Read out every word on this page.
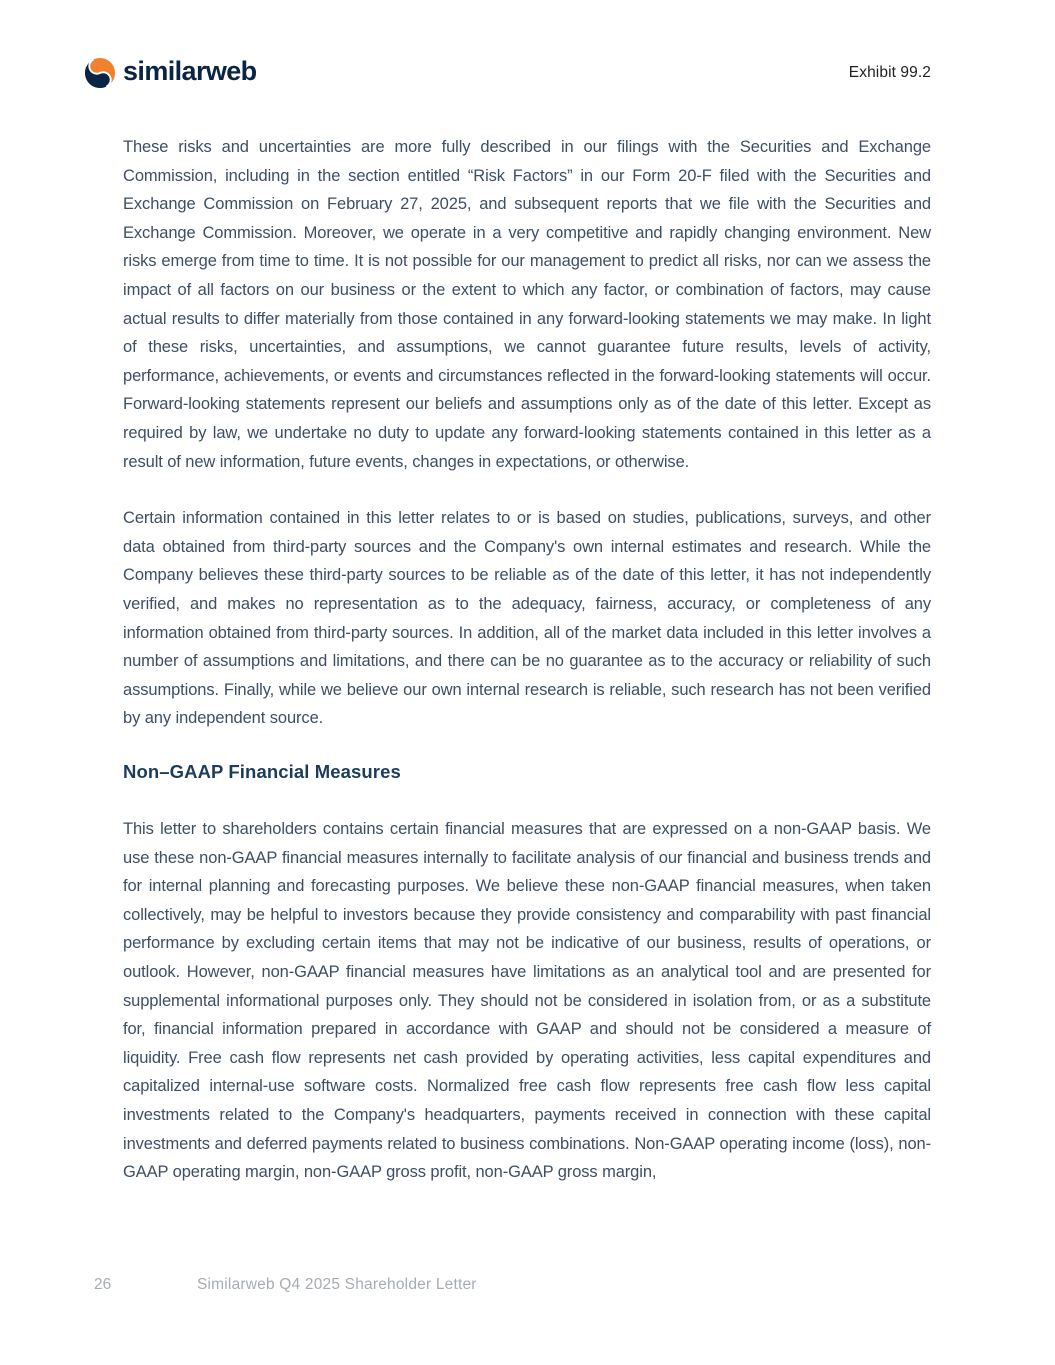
similarweb	Exhibit 99.2

These risks and uncertainties are more fully described in our filings with the Securities and Exchange Commission, including in the section entitled “Risk Factors” in our Form 20-F filed with the Securities and Exchange Commission on February 27, 2025, and subsequent reports that we file with the Securities and Exchange Commission. Moreover, we operate in a very competitive and rapidly changing environment. New risks emerge from time to time. It is not possible for our management to predict all risks, nor can we assess the impact of all factors on our business or the extent to which any factor, or combination of factors, may cause actual results to differ materially from those contained in any forward-looking statements we may make. In light of these risks, uncertainties, and assumptions, we cannot guarantee future results, levels of activity, performance, achievements, or events and circumstances reflected in the forward-looking statements will occur. Forward-looking statements represent our beliefs and assumptions only as of the date of this letter. Except as required by law, we undertake no duty to update any forward-looking statements contained in this letter as a result of new information, future events, changes in expectations, or otherwise.

Certain information contained in this letter relates to or is based on studies, publications, surveys, and other data obtained from third-party sources and the Company's own internal estimates and research. While the Company believes these third-party sources to be reliable as of the date of this letter, it has not independently verified, and makes no representation as to the adequacy, fairness, accuracy, or completeness of any information obtained from third-party sources. In addition, all of the market data included in this letter involves a number of assumptions and limitations, and there can be no guarantee as to the accuracy or reliability of such assumptions. Finally, while we believe our own internal research is reliable, such research has not been verified by any independent source.

Non–GAAP Financial Measures

This letter to shareholders contains certain financial measures that are expressed on a non-GAAP basis. We use these non-GAAP financial measures internally to facilitate analysis of our financial and business trends and for internal planning and forecasting purposes. We believe these non-GAAP financial measures, when taken collectively, may be helpful to investors because they provide consistency and comparability with past financial performance by excluding certain items that may not be indicative of our business, results of operations, or outlook. However, non-GAAP financial measures have limitations as an analytical tool and are presented for supplemental informational purposes only. They should not be considered in isolation from, or as a substitute for, financial information prepared in accordance with GAAP and should not be considered a measure of liquidity. Free cash flow represents net cash provided by operating activities, less capital expenditures and capitalized internal-use software costs. Normalized free cash flow represents free cash flow less capital investments related to the Company's headquarters, payments received in connection with these capital investments and deferred payments related to business combinations. Non-GAAP operating income (loss), non-GAAP operating margin, non-GAAP gross profit, non-GAAP gross margin,

26	Similarweb Q4 2025 Shareholder Letter
